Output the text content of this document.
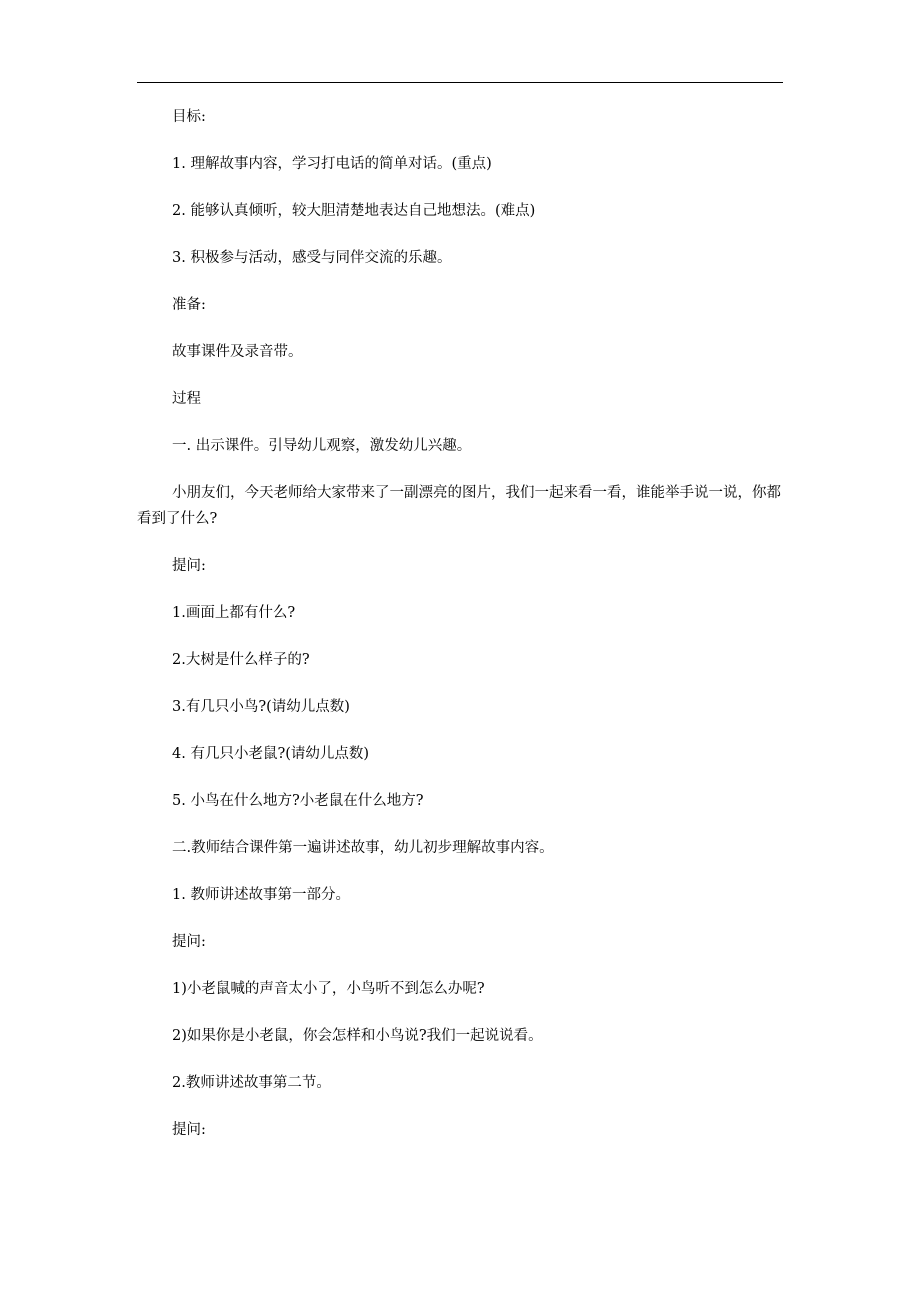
目标:

1. 理解故事内容，学习打电话的简单对话。(重点)

2. 能够认真倾听，较大胆清楚地表达自己地想法。(难点)

3. 积极参与活动，感受与同伴交流的乐趣。

准备:

故事课件及录音带。

过程

一. 出示课件。引导幼儿观察，激发幼儿兴趣。

小朋友们，今天老师给大家带来了一副漂亮的图片，我们一起来看一看，谁能举手说一说，你都看到了什么?

提问:

1.画面上都有什么?

2.大树是什么样子的?

3.有几只小鸟?(请幼儿点数)

4. 有几只小老鼠?(请幼儿点数)

5. 小鸟在什么地方?小老鼠在什么地方?

二.教师结合课件第一遍讲述故事，幼儿初步理解故事内容。

1. 教师讲述故事第一部分。

提问:

1)小老鼠喊的声音太小了，小鸟听不到怎么办呢?

2)如果你是小老鼠，你会怎样和小鸟说?我们一起说说看。

2.教师讲述故事第二节。

提问:
